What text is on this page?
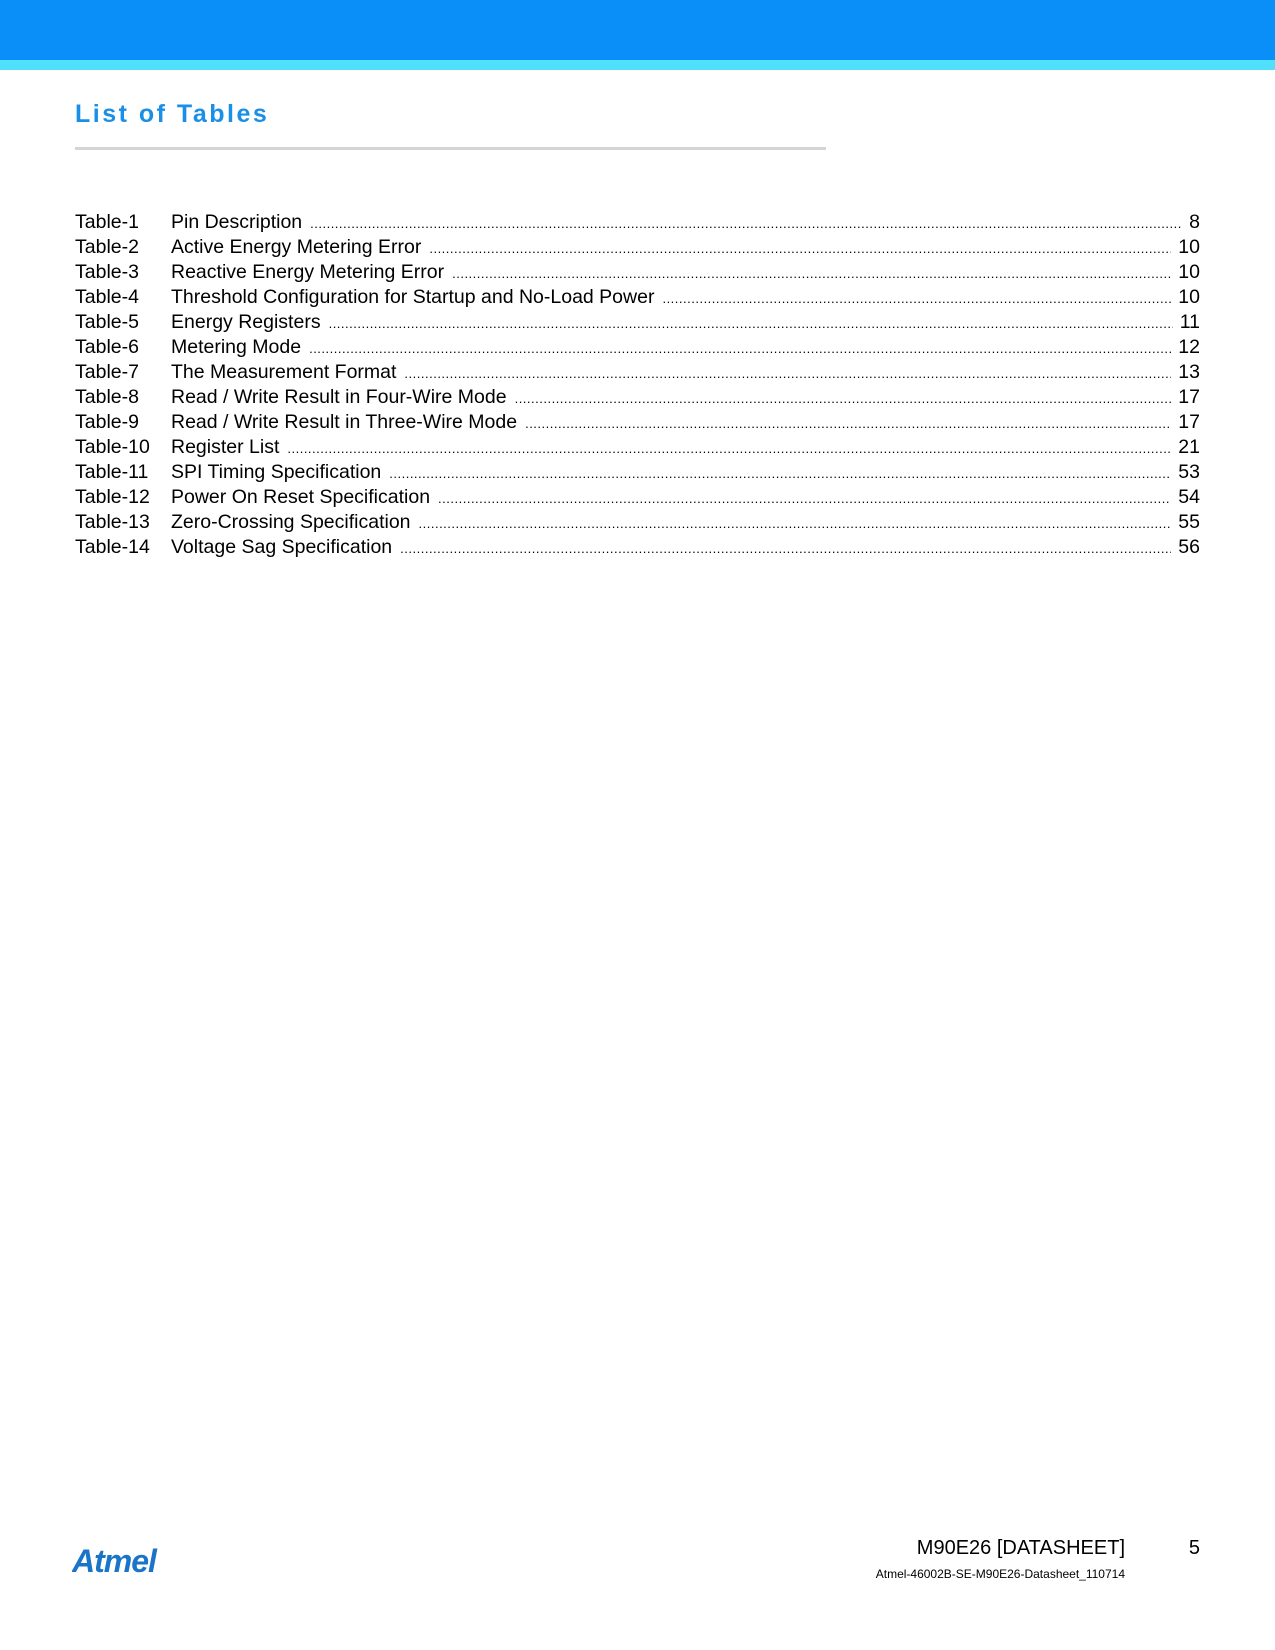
List of Tables
Table-1	Pin Description .....	8
Table-2	Active Energy Metering Error .....	10
Table-3	Reactive Energy Metering Error .....	10
Table-4	Threshold Configuration for Startup and No-Load Power .....	10
Table-5	Energy Registers .....	11
Table-6	Metering Mode .....	12
Table-7	The Measurement Format .....	13
Table-8	Read / Write Result in Four-Wire Mode .....	17
Table-9	Read / Write Result in Three-Wire Mode .....	17
Table-10	Register List .....	21
Table-11	SPI Timing Specification .....	53
Table-12	Power On Reset Specification .....	54
Table-13	Zero-Crossing Specification .....	55
Table-14	Voltage Sag Specification .....	56
Atmel	M90E26 [DATASHEET]	5
Atmel-46002B-SE-M90E26-Datasheet_110714
